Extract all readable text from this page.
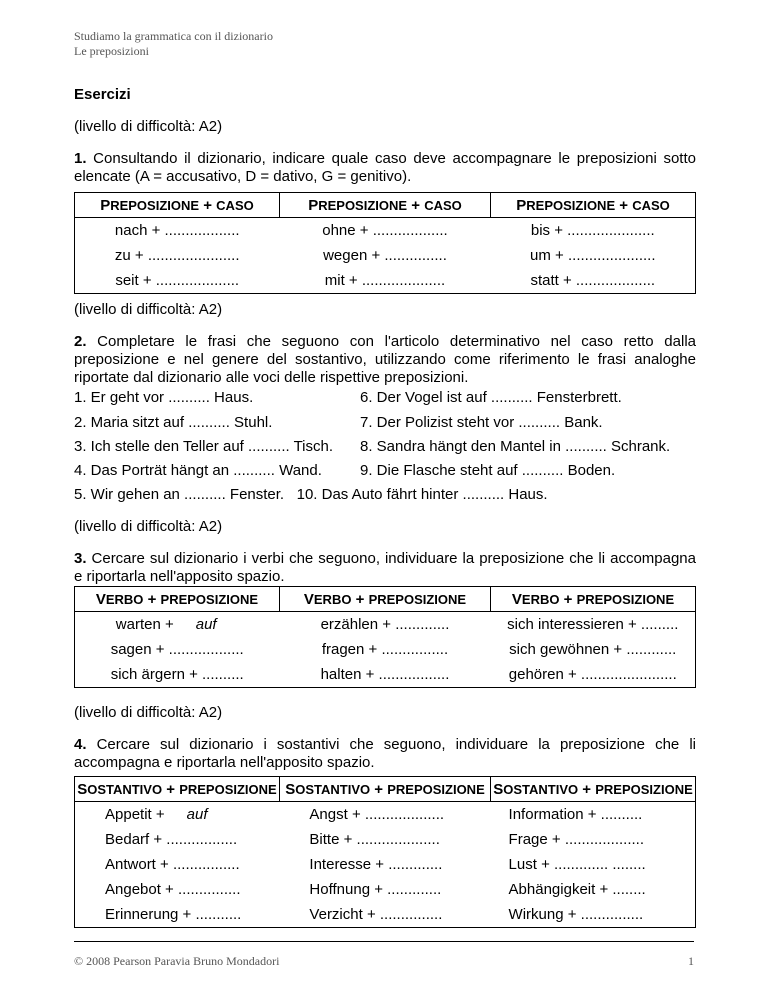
Studiamo la grammatica con il dizionario
Le preposizioni
Esercizi
(livello di difficoltà: A2)
1. Consultando il dizionario, indicare quale caso deve accompagnare le preposizioni sotto elencate (A = accusativo, D = dativo, G = genitivo).
PREPOSIZIONE + CASO	PREPOSIZIONE + CASO	PREPOSIZIONE + CASO
nach + ..................	ohne + ..................	bis + .....................
zu + ......................	wegen + ...............	um + .....................
seit + ....................	mit + ....................	statt + ...................
(livello di difficoltà: A2)
2. Completare le frasi che seguono con l'articolo determinativo nel caso retto dalla preposizione e nel genere del sostantivo, utilizzando come riferimento le frasi analoghe riportate dal dizionario alle voci delle rispettive preposizioni.
1. Er geht vor .......... Haus.
2. Maria sitzt auf .......... Stuhl.
3. Ich stelle den Teller auf .......... Tisch.
4. Das Porträt hängt an .......... Wand.
6. Der Vogel ist auf .......... Fensterbrett.
7. Der Polizist steht vor .......... Bank.
8. Sandra hängt den Mantel in .......... Schrank.
9. Die Flasche steht auf .......... Boden.
5. Wir gehen an .......... Fenster.   10. Das Auto fährt hinter .......... Haus.
(livello di difficoltà: A2)
3. Cercare sul dizionario i verbi che seguono, individuare la preposizione che li accompagna e riportarla nell'apposito spazio.
VERBO + PREPOSIZIONE	VERBO + PREPOSIZIONE	VERBO + PREPOSIZIONE
warten + auf	erzählen + .............	sich interessieren + .........
sagen + ..................	fragen + ................	sich gewöhnen + ............
sich ärgern + ..........	halten + .................	gehören + .......................
(livello di difficoltà: A2)
4. Cercare sul dizionario i sostantivi che seguono, individuare la preposizione che li accompagna e riportarla nell'apposito spazio.
SOSTANTIVO + PREPOSIZIONE	SOSTANTIVO + PREPOSIZIONE	SOSTANTIVO + PREPOSIZIONE
Appetit + auf	Angst + ...................	Information + ..........
Bedarf + .................	Bitte + ....................	Frage + ...................
Antwort + ................	Interesse + .............	Lust + ............. ........
Angebot + ...............	Hoffnung + .............	Abhängigkeit + ........
Erinnerung + ...........	Verzicht + ...............	Wirkung + ...............
© 2008 Pearson Paravia Bruno Mondadori	1
